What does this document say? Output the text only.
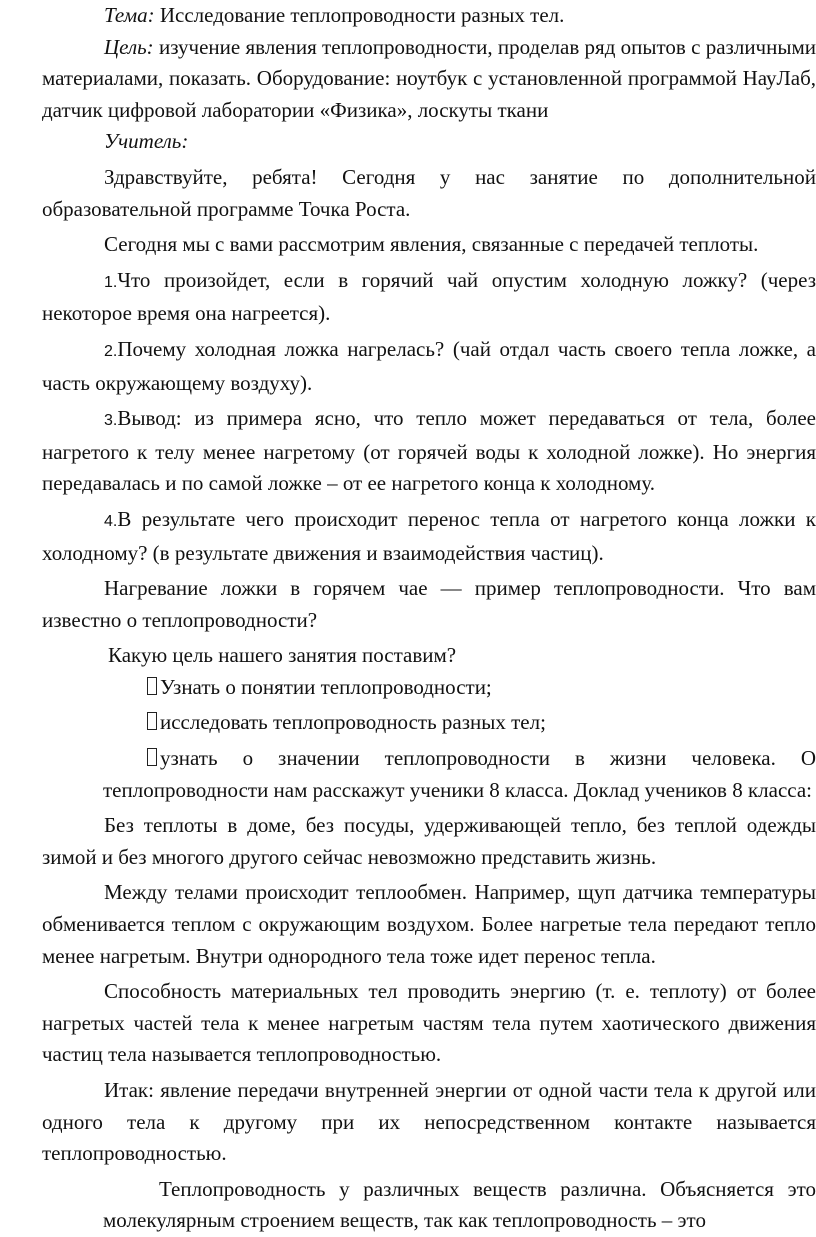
Тема: Исследование теплопроводности разных тел.

Цель: изучение явления теплопроводности, проделав ряд опытов с различными материалами, показать. Оборудование: ноутбук с установленной программой НауЛаб, датчик цифровой лаборатории «Физика», лоскуты ткани

Учитель:

Здравствуйте, ребята! Сегодня у нас занятие по дополнительной образовательной программе Точка Роста.

Сегодня мы с вами рассмотрим явления, связанные с передачей теплоты.

1.Что произойдет, если в горячий чай опустим холодную ложку? (через некоторое время она нагреется).

2.Почему холодная ложка нагрелась? (чай отдал часть своего тепла ложке, а часть окружающему воздуху).

3.Вывод: из примера ясно, что тепло может передаваться от тела, более нагретого к телу менее нагретому (от горячей воды к холодной ложке). Но энергия передавалась и по самой ложке – от ее нагретого конца к холодному.

4.В результате чего происходит перенос тепла от нагретого конца ложки к холодному? (в результате движения и взаимодействия частиц).

Нагревание ложки в горячем чае — пример теплопроводности. Что вам известно о теплопроводности?

Какую цель нашего занятия поставим?

Узнать о понятии теплопроводности;

исследовать теплопроводность разных тел;

узнать о значении теплопроводности в жизни человека. О теплопроводности нам расскажут ученики 8 класса. Доклад учеников 8 класса:

Без теплоты в доме, без посуды, удерживающей тепло, без теплой одежды зимой и без многого другого сейчас невозможно представить жизнь.

Между телами происходит теплообмен. Например, щуп датчика температуры обменивается теплом с окружающим воздухом. Более нагретые тела передают тепло менее нагретым. Внутри однородного тела тоже идет перенос тепла.

Способность материальных тел проводить энергию (т. е. теплоту) от более нагретых частей тела к менее нагретым частям тела путем хаотического движения частиц тела называется теплопроводностью.

Итак: явление передачи внутренней энергии от одной части тела к другой или одного тела к другому при их непосредственном контакте называется теплопроводностью.

Теплопроводность у различных веществ различна. Объясняется это молекулярным строением веществ, так как теплопроводность – это
